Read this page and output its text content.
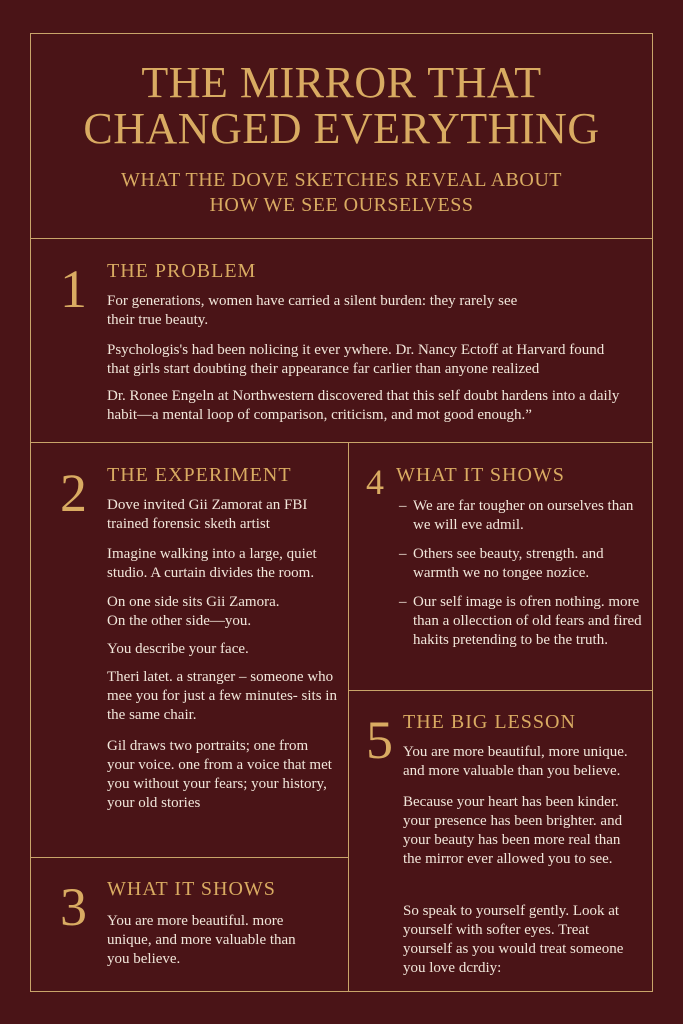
THE MIRROR THAT
CHANGED EVERYTHING
WHAT THE DOVE SKETCHES REVEAL ABOUT
HOW WE SEE OURSELVESS
1 THE PROBLEM

For generations, women have carried a silent burden: they rarely see their true beauty.

Psychologis's had been nolicing it ever ywhere. Dr. Nancy Ectoff at Harvard found that girls start doubting their appearance far carlier than anyone realized

Dr. Ronee Engeln at Northwestern discovered that this self doubt hardens into a daily habit—a mental loop of comparison, criticism, and mot good enough.”

2 THE EXPERIMENT

Dove invited Gii Zamorat an FBI trained forensic sketh artist

Imagine walking into a large, quiet studio. A curtain divides the room.

On one side sits Gii Zamora. On the other side—you.

You describe your face.

Theri latet. a stranger – someone who mee you for just a few minutes- sits in the same chair.

Gil draws two portraits; one from your voice. one from a voice that met you without your fears; your history, your old stories

3 WHAT IT SHOWS

You are more beautiful. more unique, and more valuable than you believe.

4 WHAT IT SHOWS
– We are far tougher on ourselves than we will eve admil.
– Others see beauty, strength. and warmth we no tongee nozice.
– Our self image is ofren nothing. more than a ollecction of old fears and fired hakits pretending to be the truth.
5 THE BIG LESSON

You are more beautiful, more unique. and more valuable than you believe.

Because your heart has been kinder. your presence has been brighter. and your beauty has been more real than the mirror ever allowed you to see.

So speak to yourself gently. Look at yourself with softer eyes. Treat yourself as you would treat someone you love dcrdiy:
